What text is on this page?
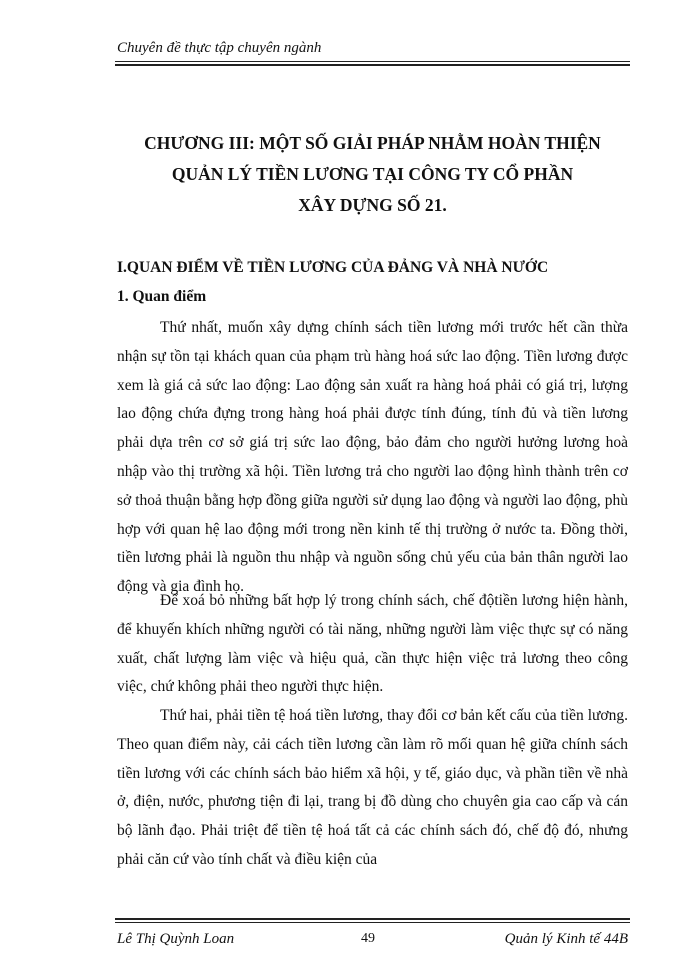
Chuyên đề thực tập chuyên ngành
CHƯƠNG III: MỘT SỐ GIẢI PHÁP NHẰM HOÀN THIỆN
QUẢN LÝ TIỀN LƯƠNG TẠI CÔNG TY CỔ PHẦN
XÂY DỰNG SỐ 21.
I.QUAN ĐIỂM VỀ TIỀN LƯƠNG CỦA ĐẢNG VÀ NHÀ NƯỚC
1. Quan điểm

Thứ nhất, muốn xây dựng chính sách tiền lương mới trước hết cần thừa nhận sự tồn tại khách quan của phạm trù hàng hoá sức lao động. Tiền lương được xem là giá cả sức lao động: Lao động sản xuất ra hàng hoá phải có giá trị, lượng lao động chứa đựng trong hàng hoá phải được tính đúng, tính đủ và tiền lương phải dựa trên cơ sở giá trị sức lao động, bảo đảm cho người hưởng lương hoà nhập vào thị trường xã hội. Tiền lương trả cho người lao động hình thành trên cơ sở thoả thuận bằng hợp đồng giữa người sử dụng lao động và người lao động, phù hợp với quan hệ lao động mới trong nền kinh tế thị trường ở nước ta. Đồng thời, tiền lương phải là nguồn thu nhập và nguồn sống chủ yếu của bản thân người lao động và gia đình họ.

Để xoá bỏ những bất hợp lý trong chính sách, chế độtiền lương hiện hành, để khuyến khích những người có tài năng, những người làm việc thực sự có năng xuất, chất lượng làm việc và hiệu quả, cần thực hiện việc trả lương theo công việc, chứ không phải theo người thực hiện.

Thứ hai, phải tiền tệ hoá tiền lương, thay đổi cơ bản kết cấu của tiền lương. Theo quan điểm này, cải cách tiền lương cần làm rõ mối quan hệ giữa chính sách tiền lương với các chính sách bảo hiểm xã hội, y tế, giáo dục, và phần tiền về nhà ở, điện, nước, phương tiện đi lại, trang bị đồ dùng cho chuyên gia cao cấp và cán bộ lãnh đạo. Phải triệt để tiền tệ hoá tất cả các chính sách đó, chế độ đó, nhưng phải căn cứ vào tính chất và điều kiện của

Lê Thị Quỳnh Loan	49	Quản lý Kinh tế 44B
